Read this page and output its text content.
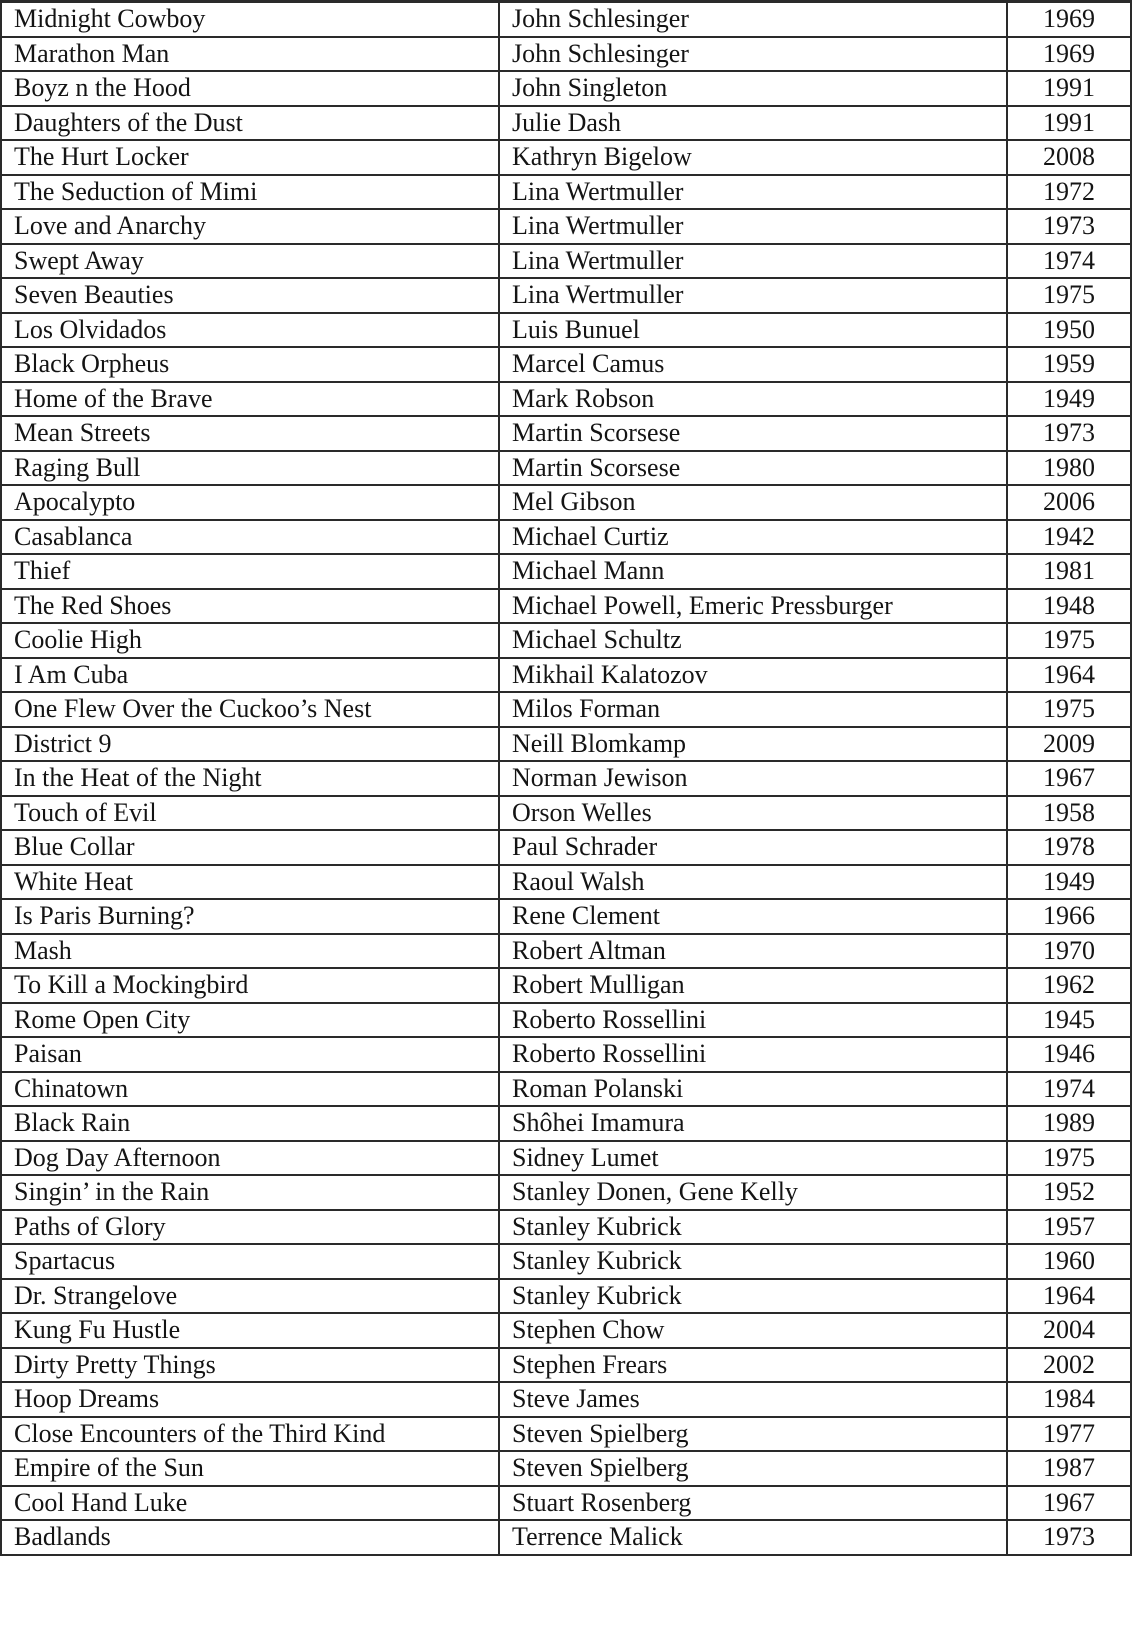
Midnight Cowboy	John Schlesinger	1969
Marathon Man	John Schlesinger	1969
Boyz n the Hood	John Singleton	1991
Daughters of the Dust	Julie Dash	1991
The Hurt Locker	Kathryn Bigelow	2008
The Seduction of Mimi	Lina Wertmuller	1972
Love and Anarchy	Lina Wertmuller	1973
Swept Away	Lina Wertmuller	1974
Seven Beauties	Lina Wertmuller	1975
Los Olvidados	Luis Bunuel	1950
Black Orpheus	Marcel Camus	1959
Home of the Brave	Mark Robson	1949
Mean Streets	Martin Scorsese	1973
Raging Bull	Martin Scorsese	1980
Apocalypto	Mel Gibson	2006
Casablanca	Michael Curtiz	1942
Thief	Michael Mann	1981
The Red Shoes	Michael Powell, Emeric Pressburger	1948
Coolie High	Michael Schultz	1975
I Am Cuba	Mikhail Kalatozov	1964
One Flew Over the Cuckoo’s Nest	Milos Forman	1975
District 9	Neill Blomkamp	2009
In the Heat of the Night	Norman Jewison	1967
Touch of Evil	Orson Welles	1958
Blue Collar	Paul Schrader	1978
White Heat	Raoul Walsh	1949
Is Paris Burning?	Rene Clement	1966
Mash	Robert Altman	1970
To Kill a Mockingbird	Robert Mulligan	1962
Rome Open City	Roberto Rossellini	1945
Paisan	Roberto Rossellini	1946
Chinatown	Roman Polanski	1974
Black Rain	Shôhei Imamura	1989
Dog Day Afternoon	Sidney Lumet	1975
Singin’ in the Rain	Stanley Donen, Gene Kelly	1952
Paths of Glory	Stanley Kubrick	1957
Spartacus	Stanley Kubrick	1960
Dr. Strangelove	Stanley Kubrick	1964
Kung Fu Hustle	Stephen Chow	2004
Dirty Pretty Things	Stephen Frears	2002
Hoop Dreams	Steve James	1984
Close Encounters of the Third Kind	Steven Spielberg	1977
Empire of the Sun	Steven Spielberg	1987
Cool Hand Luke	Stuart Rosenberg	1967
Badlands	Terrence Malick	1973
